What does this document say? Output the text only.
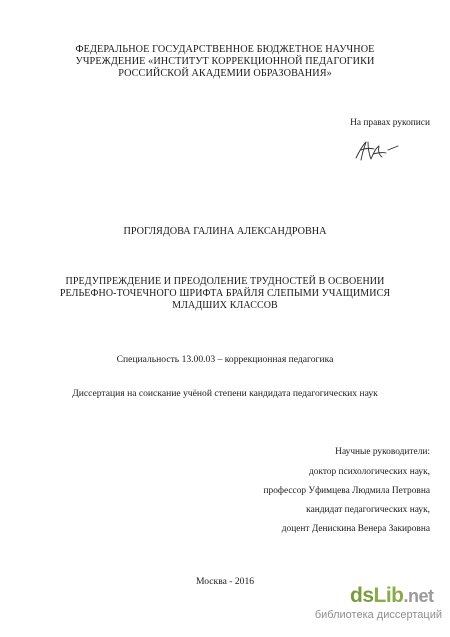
ФЕДЕРАЛЬНОЕ ГОСУДАРСТВЕННОЕ БЮДЖЕТНОЕ НАУЧНОЕ
УЧРЕЖДЕНИЕ «ИНСТИТУТ КОРРЕКЦИОННОЙ ПЕДАГОГИКИ
РОССИЙСКОЙ АКАДЕМИИ ОБРАЗОВАНИЯ»
На правах рукописи
ПРОГЛЯДОВА ГАЛИНА АЛЕКСАНДРОВНА
ПРЕДУПРЕЖДЕНИЕ И ПРЕОДОЛЕНИЕ ТРУДНОСТЕЙ В ОСВОЕНИИ
РЕЛЬЕФНО-ТОЧЕЧНОГО ШРИФТА БРАЙЛЯ СЛЕПЫМИ УЧАЩИМИСЯ
МЛАДШИХ КЛАССОВ
Специальность 13.00.03 – коррекционная педагогика
Диссертация на соискание учёной степени кандидата педагогических наук
Научные руководители:
доктор психологических наук,
профессор Уфимцева Людмила Петровна
кандидат педагогических наук,
доцент Денискина Венера Закировна
Москва - 2016
dsLib.net
библиотека диссертаций
